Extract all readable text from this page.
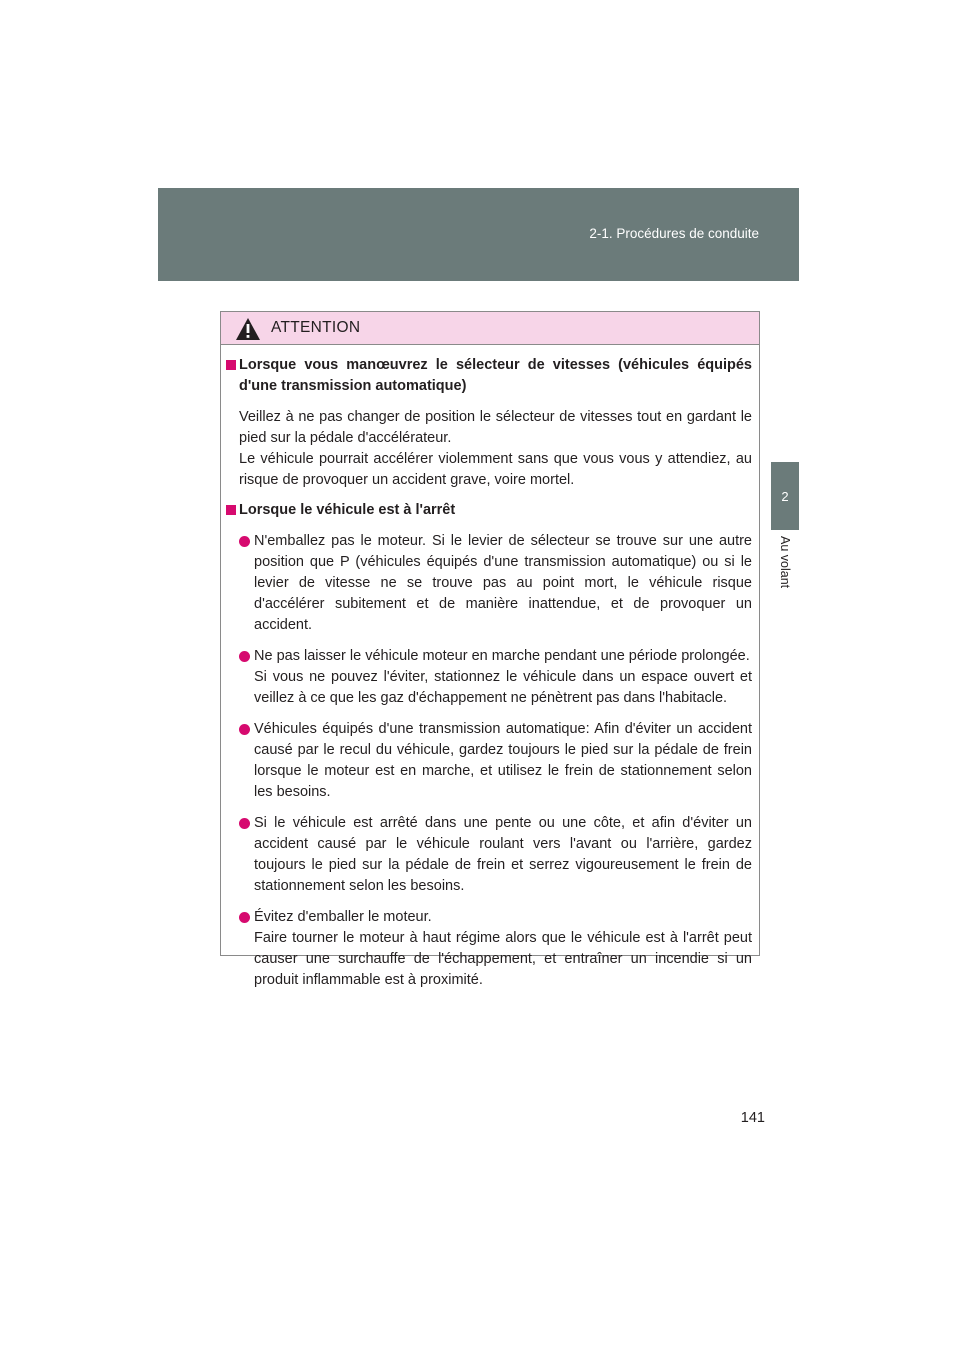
2-1. Procédures de conduite
2
Au volant
ATTENTION
Lorsque vous manœuvrez le sélecteur de vitesses (véhicules équipés d'une transmission automatique)

Veillez à ne pas changer de position le sélecteur de vitesses tout en gardant le pied sur la pédale d'accélérateur.

Le véhicule pourrait accélérer violemment sans que vous vous y attendiez, au risque de provoquer un accident grave, voire mortel.

Lorsque le véhicule est à l'arrêt

N'emballez pas le moteur. Si le levier de sélecteur se trouve sur une autre position que P (véhicules équipés d'une transmission automatique) ou si le levier de vitesse ne se trouve pas au point mort, le véhicule risque d'accélérer subitement et de manière inattendue, et de provoquer un accident.

Ne pas laisser le véhicule moteur en marche pendant une période prolongée.

Si vous ne pouvez l'éviter, stationnez le véhicule dans un espace ouvert et veillez à ce que les gaz d'échappement ne pénètrent pas dans l'habitacle.

Véhicules équipés d'une transmission automatique: Afin d'éviter un accident causé par le recul du véhicule, gardez toujours le pied sur la pédale de frein lorsque le moteur est en marche, et utilisez le frein de stationnement selon les besoins.

Si le véhicule est arrêté dans une pente ou une côte, et afin d'éviter un accident causé par le véhicule roulant vers l'avant ou l'arrière, gardez toujours le pied sur la pédale de frein et serrez vigoureusement le frein de stationnement selon les besoins.

Évitez d'emballer le moteur.

Faire tourner le moteur à haut régime alors que le véhicule est à l'arrêt peut causer une surchauffe de l'échappement, et entraîner un incendie si un produit inflammable est à proximité.

141
